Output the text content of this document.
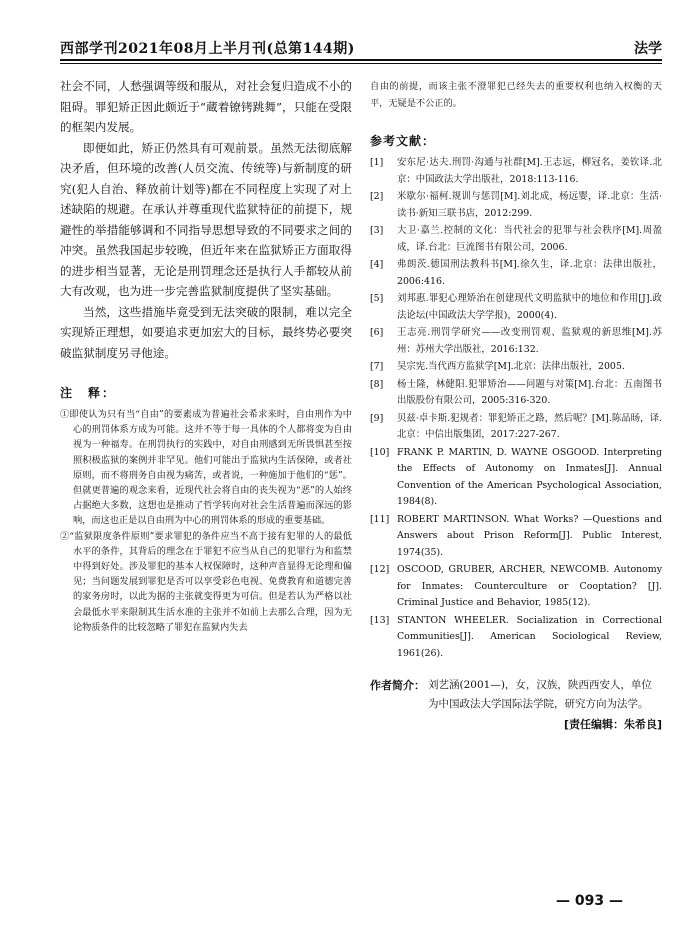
西部学刊2021年08月上半月刊(总第144期)	法学

社会不同，人愁强调等级和服从，对社会复归造成不小的阻碍。罪犯矫正因此颇近于“蔵着镣铐跳舞”，只能在受限的框架内发展。

即便如此，矫正仍然具有可观前景。虽然无法彻底解决矛盾，但环境的改善(人员交流、传统等)与新制度的研究(犯人自治、释放前计划等)都在不同程度上实现了对上述缺陷的规避。在承认并尊重现代监狱特征的前提下，规避性的举措能够调和不同指导思想导致的不同要求之间的冲突。虽然我国起步较晚，但近年来在监狱矫正方面取得的进步相当显著，无论是刑罚理念还是执行人手都较从前大有改观，也为进一步完善监狱制度提供了坚实基础。

当然，这些措施毕竟受到无法突破的限制，难以完全实现矫正理想，如要追求更加宏大的目标，最终势必要突破监狱制度另寻他途。

注　释：

①即使认为只有当“自由”的要素成为普遍社会希求来时，自由刑作为中心的刑罚体系方成为可能。这并不等于每一具体的个人都将变为自由视为一种福寿。在刑罚执行的实践中，对自由刑感到无所畏惧甚至按照积极监狱的案例并非罕见。他们可能出于监狱内生活保障，或者社原则，而不将刑务自由视为痛苦，或者说，一种施加于他们的“惩”。但就更普遍的观念来看，近现代社会将自由的丧失视为“恶”的人始终占据绝大多数，这想也是推动了哲学转向对社会生活普遍而深远的影响，而这也正是以自由刑为中心的刑罚体系的形成的重要基础。

②“监狱限度条件原则”要求罪犯的条件应当不高于接有犯罪的人的最低水平的条件，其背后的理念在于罪犯不应当从自己的犯罪行为和监禁中得到好处。涉及罪犯的基本人权保障时，这种声音显得无论理和偏见；当问题发展到罪犯是否可以享受彩色电视、免费教育和道德完善的家务房时，以此为据的主张就变得更为可信。但是若认为严格以社会最低水平来限制其生活水准的主张并不如前上去那么合理，因为无论物质条件的比较忽略了罪犯在监狱内失去

自由的前提，而该主张不澄罪犯已经失去的重要权利也纳入权衡的天平，无疑是不公正的。

参考文献：
[1] 安东尼·达夫.刑罚·沟通与社群[M].王志远，柳冠名，姜钦译.北京：中国政法大学出版社，2018:113-116.
[2] 米歇尔·福柯.规训与惩罚[M].刘北成，杨远婴，译.北京：生活·读书·新知三联书店，2012:299.
[3] 大卫·嘉兰.控制的文化：当代社会的犯罪与社会秩序[M].周盈成，译.台北：巨流图书有限公司，2006.
[4] 弗朗茨.德国刑法教科书[M].徐久生，译.北京：法律出版社，2006:416.
[5] 刘邦惠.罪犯心理矫治在创建现代文明监狱中的地位和作用[J].政法论坛(中国政法大学学报)，2000(4).
[6] 王志亮.刑罚学研究——改变刑罚观、监狱观的新思维[M].苏州：苏州大学出版社，2016:132.
[7] 吴宗宪.当代西方监狱学[M].北京：法律出版社，2005.
[8] 杨士隆，林健阳.犯罪矫治——问题与对策[M].台北：五南图书出版股份有限公司，2005:316-320.
[9] 贝兹·卓卡斯.犯规者：罪犯矫正之路，然后呢？[M].陈品旸，译.北京：中信出版集团，2017:227-267.
[10] FRANK P. MARTIN, D. WAYNE OSGOOD. Interpreting the Effects of Autonomy on Inmates[J]. Annual Convention of the American Psychological Association, 1984(8).
[11] ROBERT MARTINSON. What Works? —Questions and Answers about Prison Reform[J]. Public Interest, 1974(35).
[12] OSCOOD, GRUBER, ARCHER, NEWCOMB. Autonomy for Inmates: Counterculture or Cooptation? [J]. Criminal Justice and Behavior, 1985(12).
[13] STANTON WHEELER. Socialization in Correctional Communities[J]. American Sociological Review, 1961(26).
作者简介： 刘艺涵(2001—)，女，汉族，陕西西安人，单位为中国政法大学国际法学院，研究方向为法学。
[责任编辑：朱希良]
— 093 —
